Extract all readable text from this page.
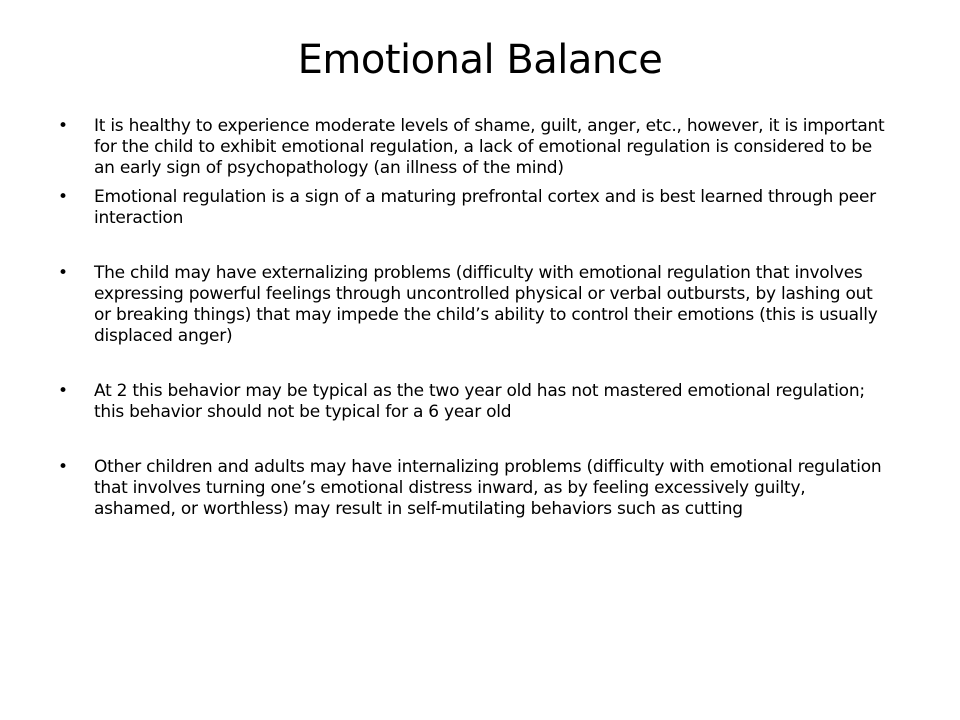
Emotional Balance
•	It is healthy to experience moderate levels of shame, guilt, anger, etc., however, it is important for the child to exhibit emotional regulation, a lack of emotional regulation is considered to be an early sign of psychopathology (an illness of the mind)
•	Emotional regulation is a sign of a maturing prefrontal cortex and is best learned through peer interaction
•	The child may have externalizing problems (difficulty with emotional regulation that involves expressing powerful feelings through uncontrolled physical or verbal outbursts, by lashing out or breaking things) that may impede the child’s ability to control their emotions (this is usually displaced anger)
•	At 2 this behavior may be typical as the two year old has not mastered emotional regulation; this behavior should not be typical for a 6 year old
•	Other children and adults may have internalizing problems (difficulty with emotional regulation that involves turning one’s emotional distress inward, as by feeling excessively guilty, ashamed, or worthless) may result in self-mutilating behaviors such as cutting
